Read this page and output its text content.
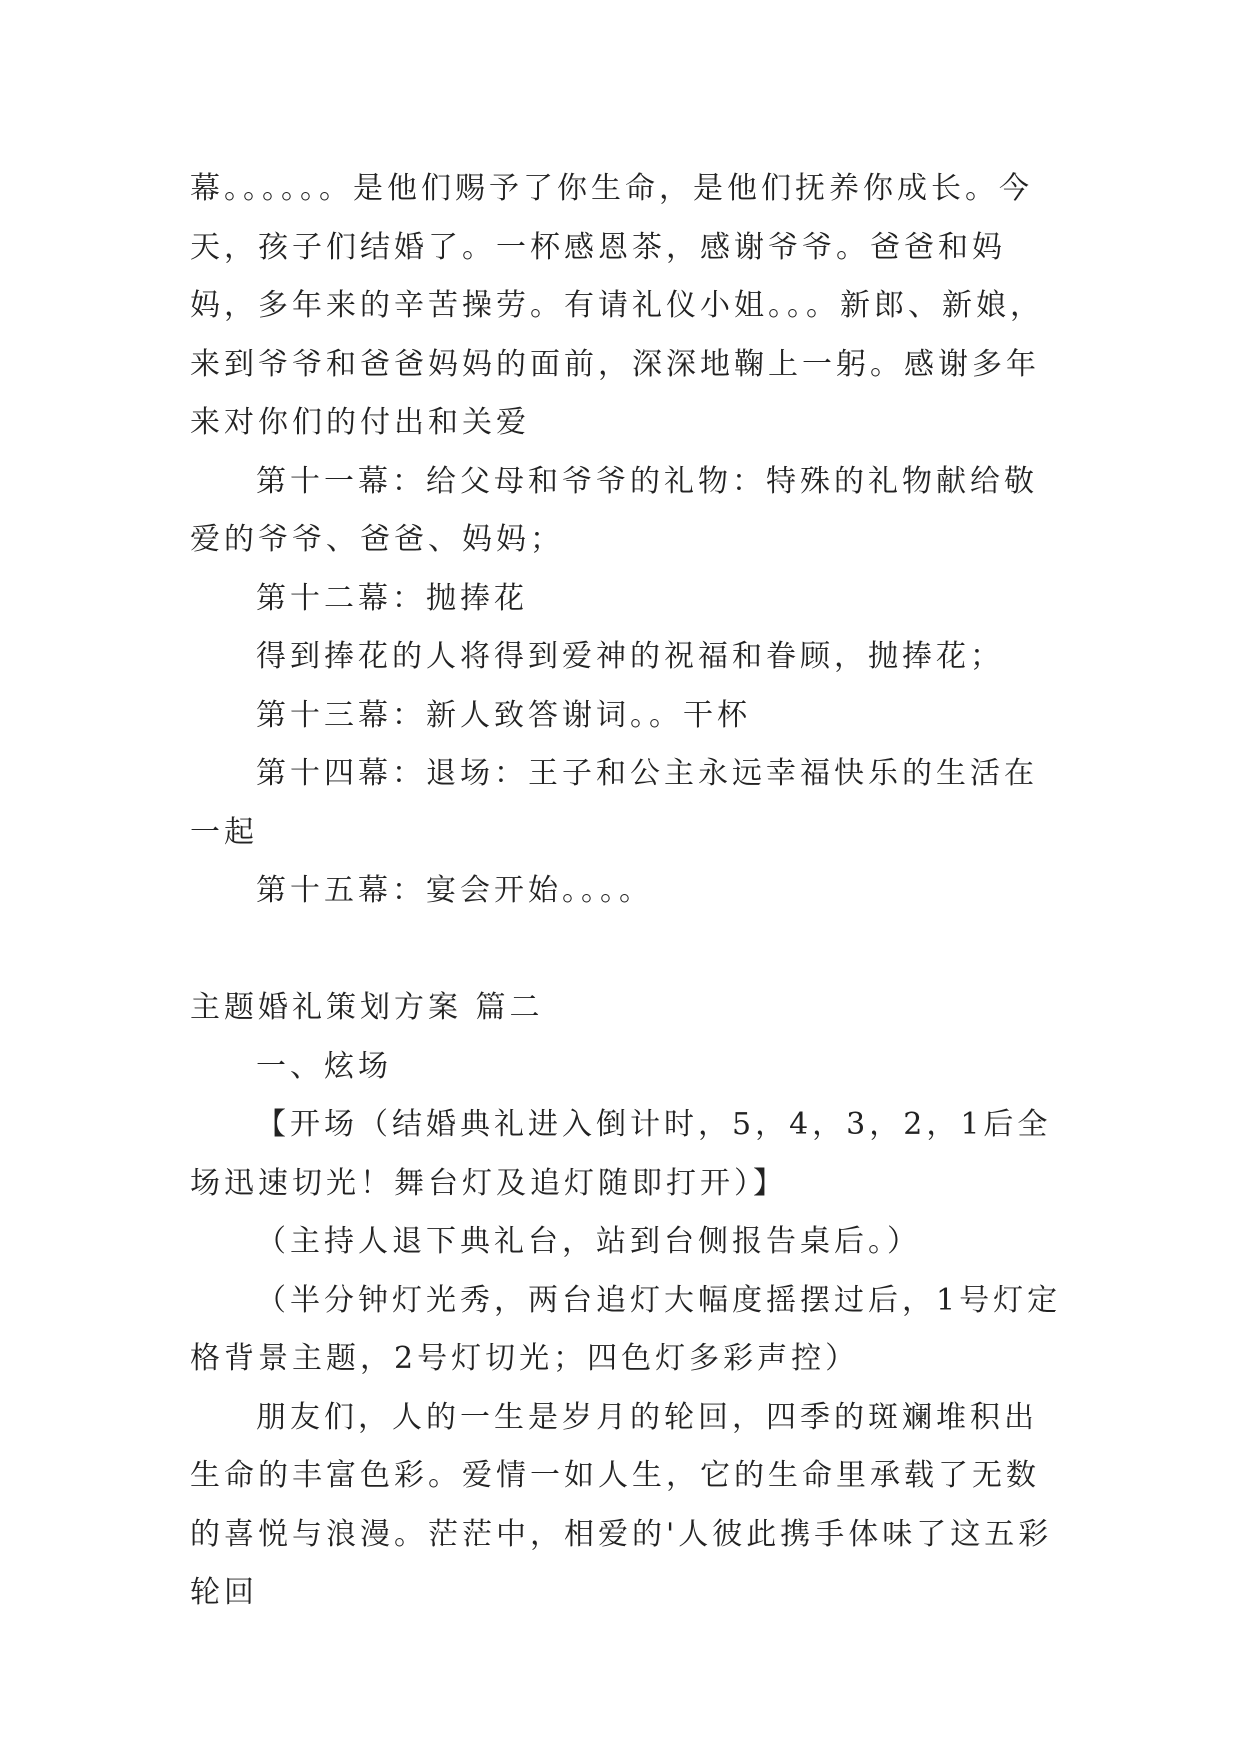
幕。。。。。。是他们赐予了你生命，是他们抚养你成长。今天，孩子们结婚了。一杯感恩茶，感谢爷爷。爸爸和妈妈，多年来的辛苦操劳。有请礼仪小姐。。。新郎、新娘，来到爷爷和爸爸妈妈的面前，深深地鞠上一躬。感谢多年来对你们的付出和关爱

第十一幕：给父母和爷爷的礼物：特殊的礼物献给敬爱的爷爷、爸爸、妈妈；

第十二幕：抛捧花

得到捧花的人将得到爱神的祝福和眷顾，抛捧花；

第十三幕：新人致答谢词。。干杯

第十四幕：退场：王子和公主永远幸福快乐的生活在一起

第十五幕：宴会开始。。。。

主题婚礼策划方案 篇二

一、炫场

【开场（结婚典礼进入倒计时，5，4，3，2，1后全场迅速切光！舞台灯及追灯随即打开）】

（主持人退下典礼台，站到台侧报告桌后。）

（半分钟灯光秀，两台追灯大幅度摇摆过后，1号灯定格背景主题，2号灯切光；四色灯多彩声控）

朋友们，人的一生是岁月的轮回，四季的斑斓堆积出生命的丰富色彩。爱情一如人生，它的生命里承载了无数的喜悦与浪漫。茫茫中，相爱的'人彼此携手体味了这五彩轮回
